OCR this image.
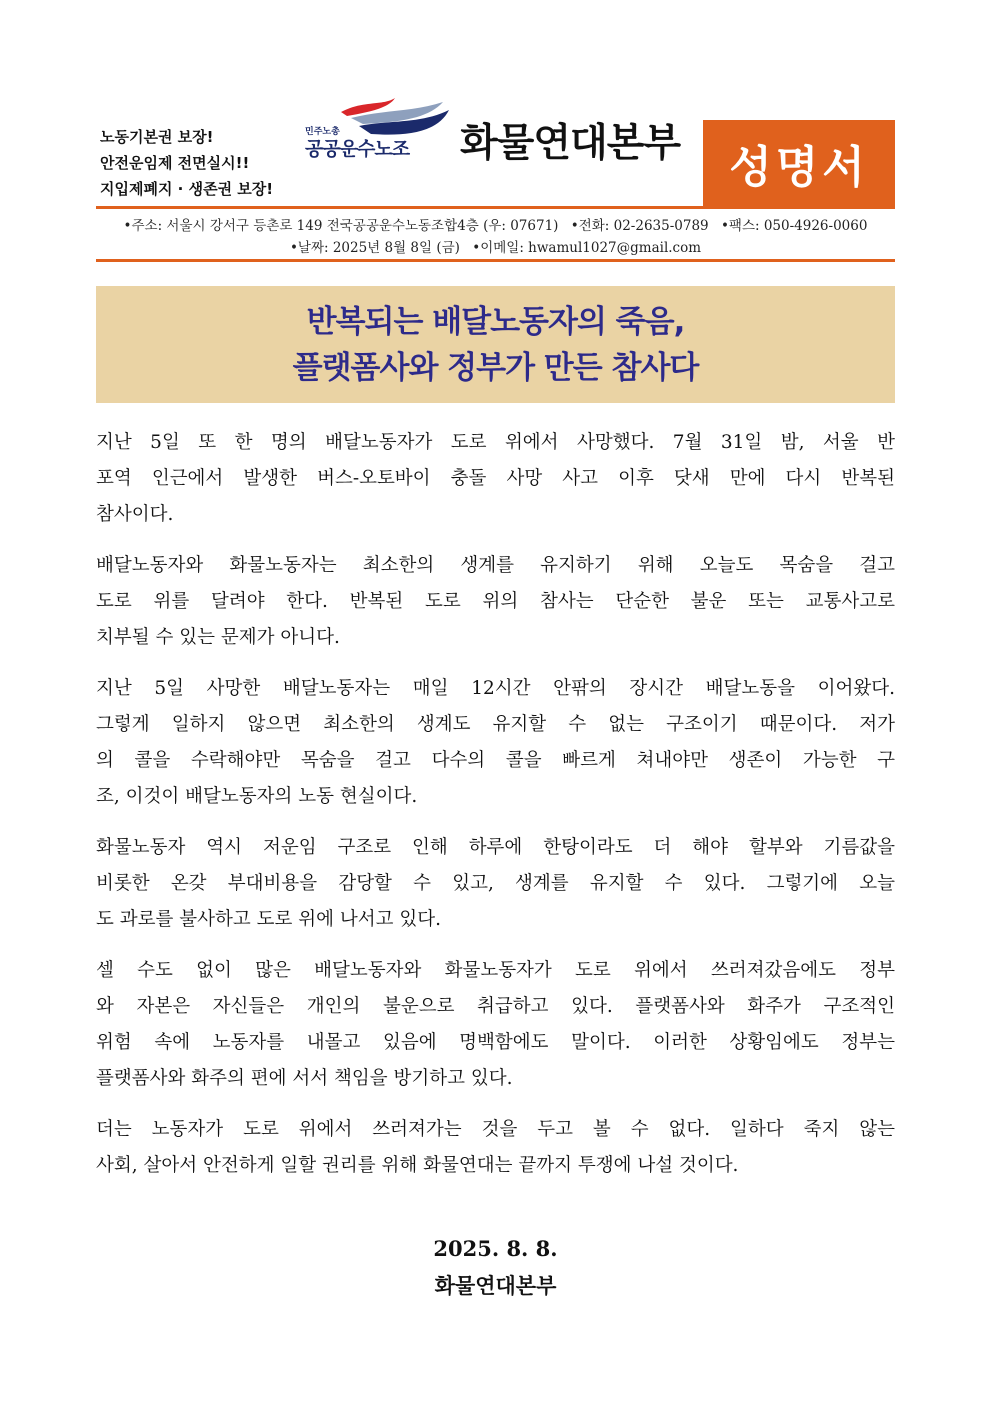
노동기본권 보장!
안전운임제 전면실시!!
지입제폐지 · 생존권 보장!
민주노총
공공운수노조 화물연대본부	성명서
•주소: 서울시 강서구 등촌로 149 전국공공운수노동조합4층 (우: 07671) •전화: 02-2635-0789 •팩스: 050-4926-0060
•날짜: 2025년 8월 8일 (금) •이메일: hwamul1027@gmail.com
반복되는 배달노동자의 죽음,
플랫폼사와 정부가 만든 참사다
지난 5일 또 한 명의 배달노동자가 도로 위에서 사망했다. 7월 31일 밤, 서울 반
포역 인근에서 발생한 버스-오토바이 충돌 사망 사고 이후 닷새 만에 다시 반복된
참사이다.
배달노동자와 화물노동자는 최소한의 생계를 유지하기 위해 오늘도 목숨을 걸고
도로 위를 달려야 한다. 반복된 도로 위의 참사는 단순한 불운 또는 교통사고로
치부될 수 있는 문제가 아니다.
지난 5일 사망한 배달노동자는 매일 12시간 안팎의 장시간 배달노동을 이어왔다.
그렇게 일하지 않으면 최소한의 생계도 유지할 수 없는 구조이기 때문이다. 저가
의 콜을 수락해야만 목숨을 걸고 다수의 콜을 빠르게 쳐내야만 생존이 가능한 구
조, 이것이 배달노동자의 노동 현실이다.
화물노동자 역시 저운임 구조로 인해 하루에 한탕이라도 더 해야 할부와 기름값을
비롯한 온갖 부대비용을 감당할 수 있고, 생계를 유지할 수 있다. 그렇기에 오늘
도 과로를 불사하고 도로 위에 나서고 있다.
셀 수도 없이 많은 배달노동자와 화물노동자가 도로 위에서 쓰러져갔음에도 정부
와 자본은 자신들은 개인의 불운으로 취급하고 있다. 플랫폼사와 화주가 구조적인
위험 속에 노동자를 내몰고 있음에 명백함에도 말이다. 이러한 상황임에도 정부는
플랫폼사와 화주의 편에 서서 책임을 방기하고 있다.
더는 노동자가 도로 위에서 쓰러져가는 것을 두고 볼 수 없다. 일하다 죽지 않는
사회, 살아서 안전하게 일할 권리를 위해 화물연대는 끝까지 투쟁에 나설 것이다.
2025. 8. 8.
화물연대본부
